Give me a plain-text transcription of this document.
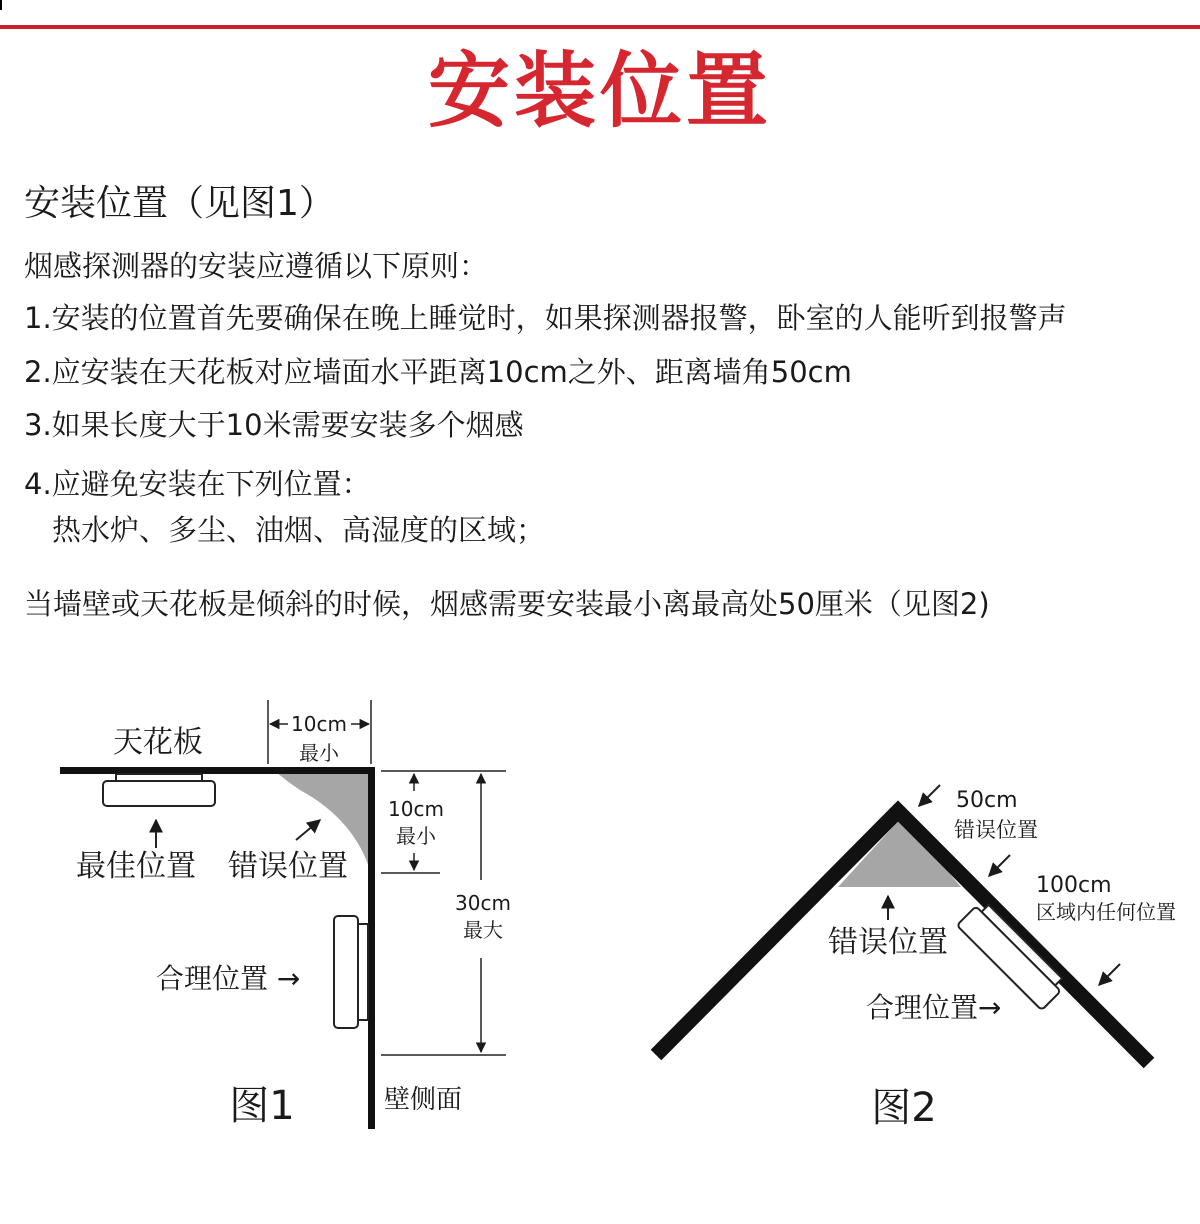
安装位置
安装位置（见图1）
烟感探测器的安装应遵循以下原则：
1.安装的位置首先要确保在晚上睡觉时，如果探测器报警，卧室的人能听到报警声
2.应安装在天花板对应墙面水平距离10cm之外、距离墙角50cm
3.如果长度大于10米需要安装多个烟感
4.应避免安装在下列位置：
热水炉、多尘、油烟、高湿度的区域；
当墙壁或天花板是倾斜的时候，烟感需要安装最小离最高处50厘米（见图2)
天花板
10cm
最小
10cm
最小
30cm
最大
最佳位置 错误位置
合理位置 →
图1	壁侧面
50cm
错误位置
100cm
区域内任何位置
错误位置
合理位置→
图2
